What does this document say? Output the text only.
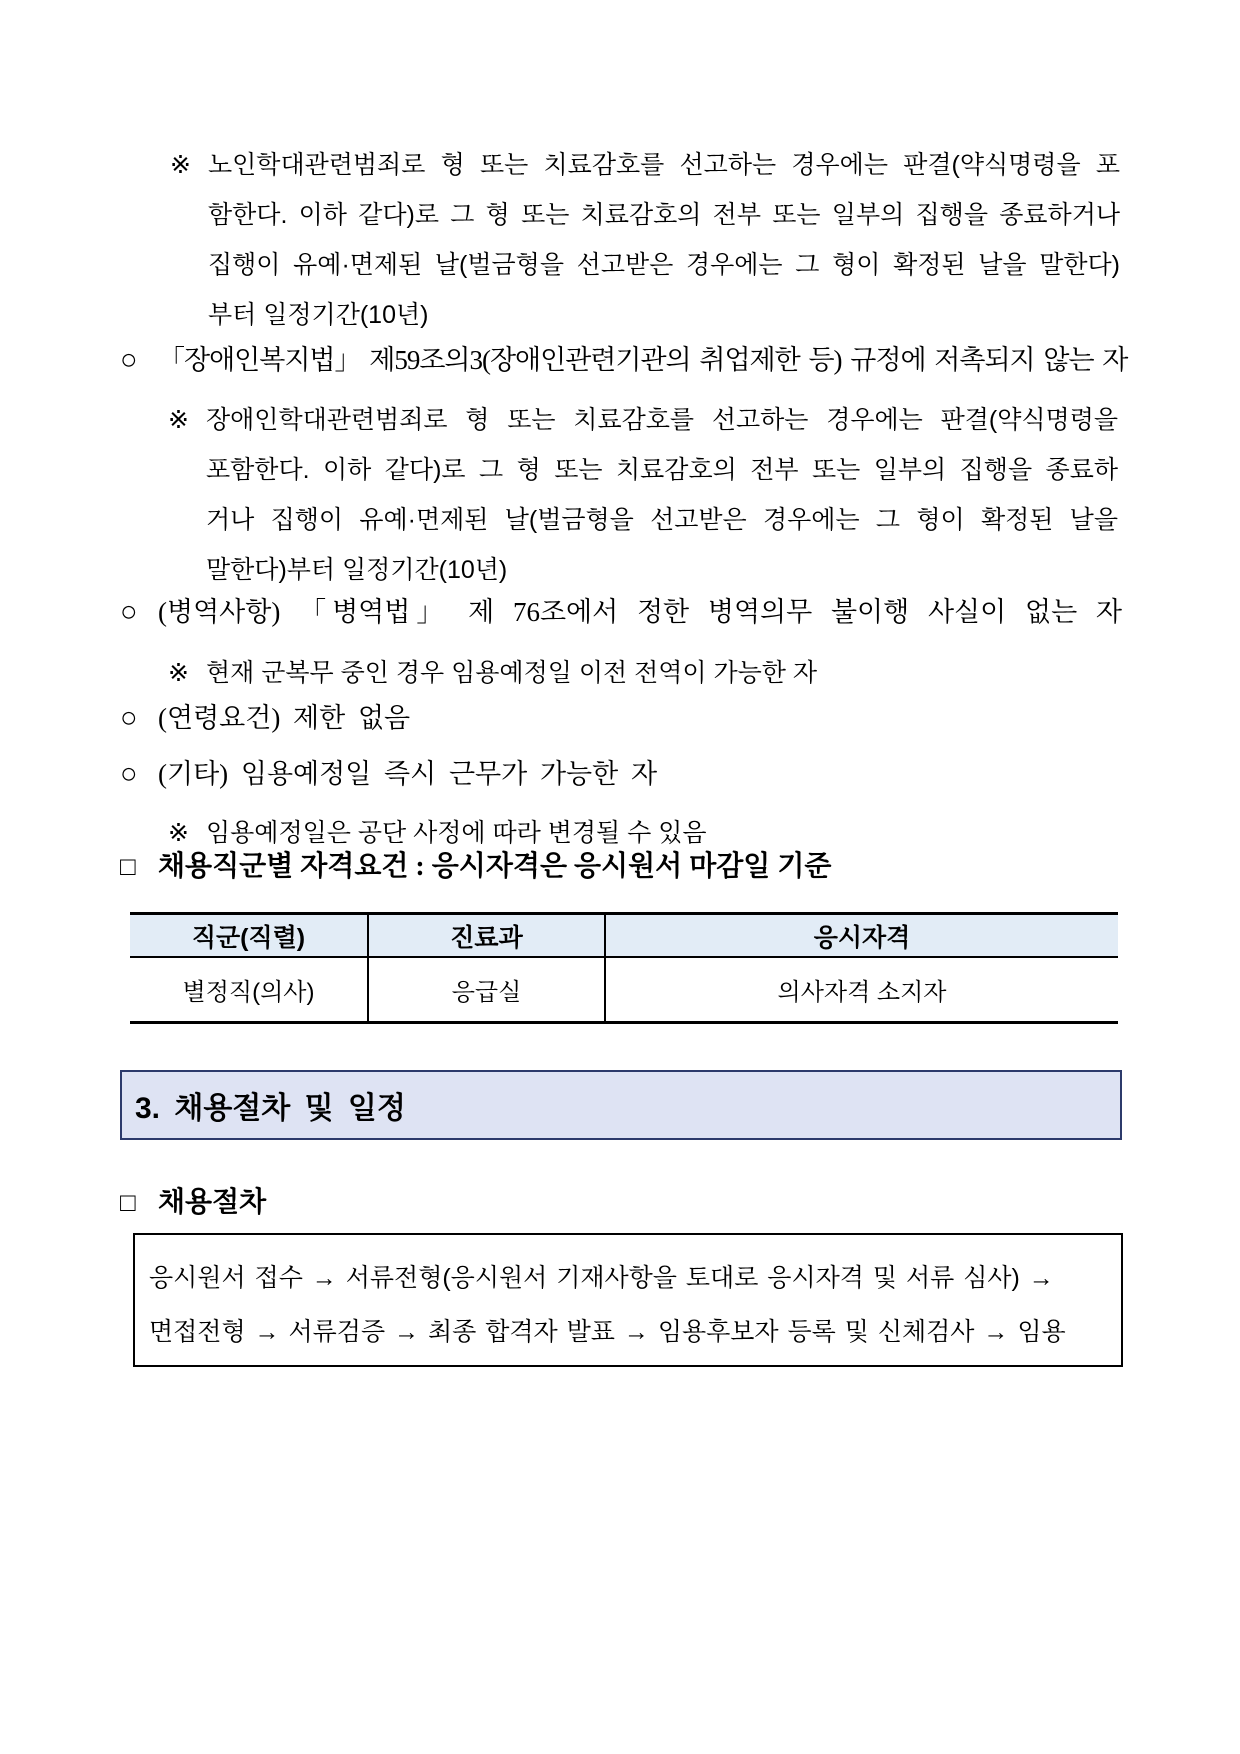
※ 노인학대관련범죄로 형 또는 치료감호를 선고하는 경우에는 판결(약식명령을 포
함한다. 이하 같다)로 그 형 또는 치료감호의 전부 또는 일부의 집행을 종료하거나
집행이 유예·면제된 날(벌금형을 선고받은 경우에는 그 형이 확정된 날을 말한다)
부터 일정기간(10년)
○ 「장애인복지법」 제59조의3(장애인관련기관의 취업제한 등) 규정에 저촉되지 않는 자
※ 장애인학대관련범죄로 형 또는 치료감호를 선고하는 경우에는 판결(약식명령을
포함한다. 이하 같다)로 그 형 또는 치료감호의 전부 또는 일부의 집행을 종료하
거나 집행이 유예·면제된 날(벌금형을 선고받은 경우에는 그 형이 확정된 날을
말한다)부터 일정기간(10년)
○ (병역사항) 「병역법」 제 76조에서 정한 병역의무 불이행 사실이 없는 자
※ 현재 군복무 중인 경우 임용예정일 이전 전역이 가능한 자
○ (연령요건) 제한 없음
○ (기타) 임용예정일 즉시 근무가 가능한 자
※ 임용예정일은 공단 사정에 따라 변경될 수 있음
□ 채용직군별 자격요건 : 응시자격은 응시원서 마감일 기준
직군(직렬)	진료과	응시자격
별정직(의사)	응급실	의사자격 소지자
3. 채용절차 및 일정
□ 채용절차
응시원서 접수 → 서류전형(응시원서 기재사항을 토대로 응시자격 및 서류 심사) →
면접전형 → 서류검증 → 최종 합격자 발표 → 임용후보자 등록 및 신체검사 → 임용
